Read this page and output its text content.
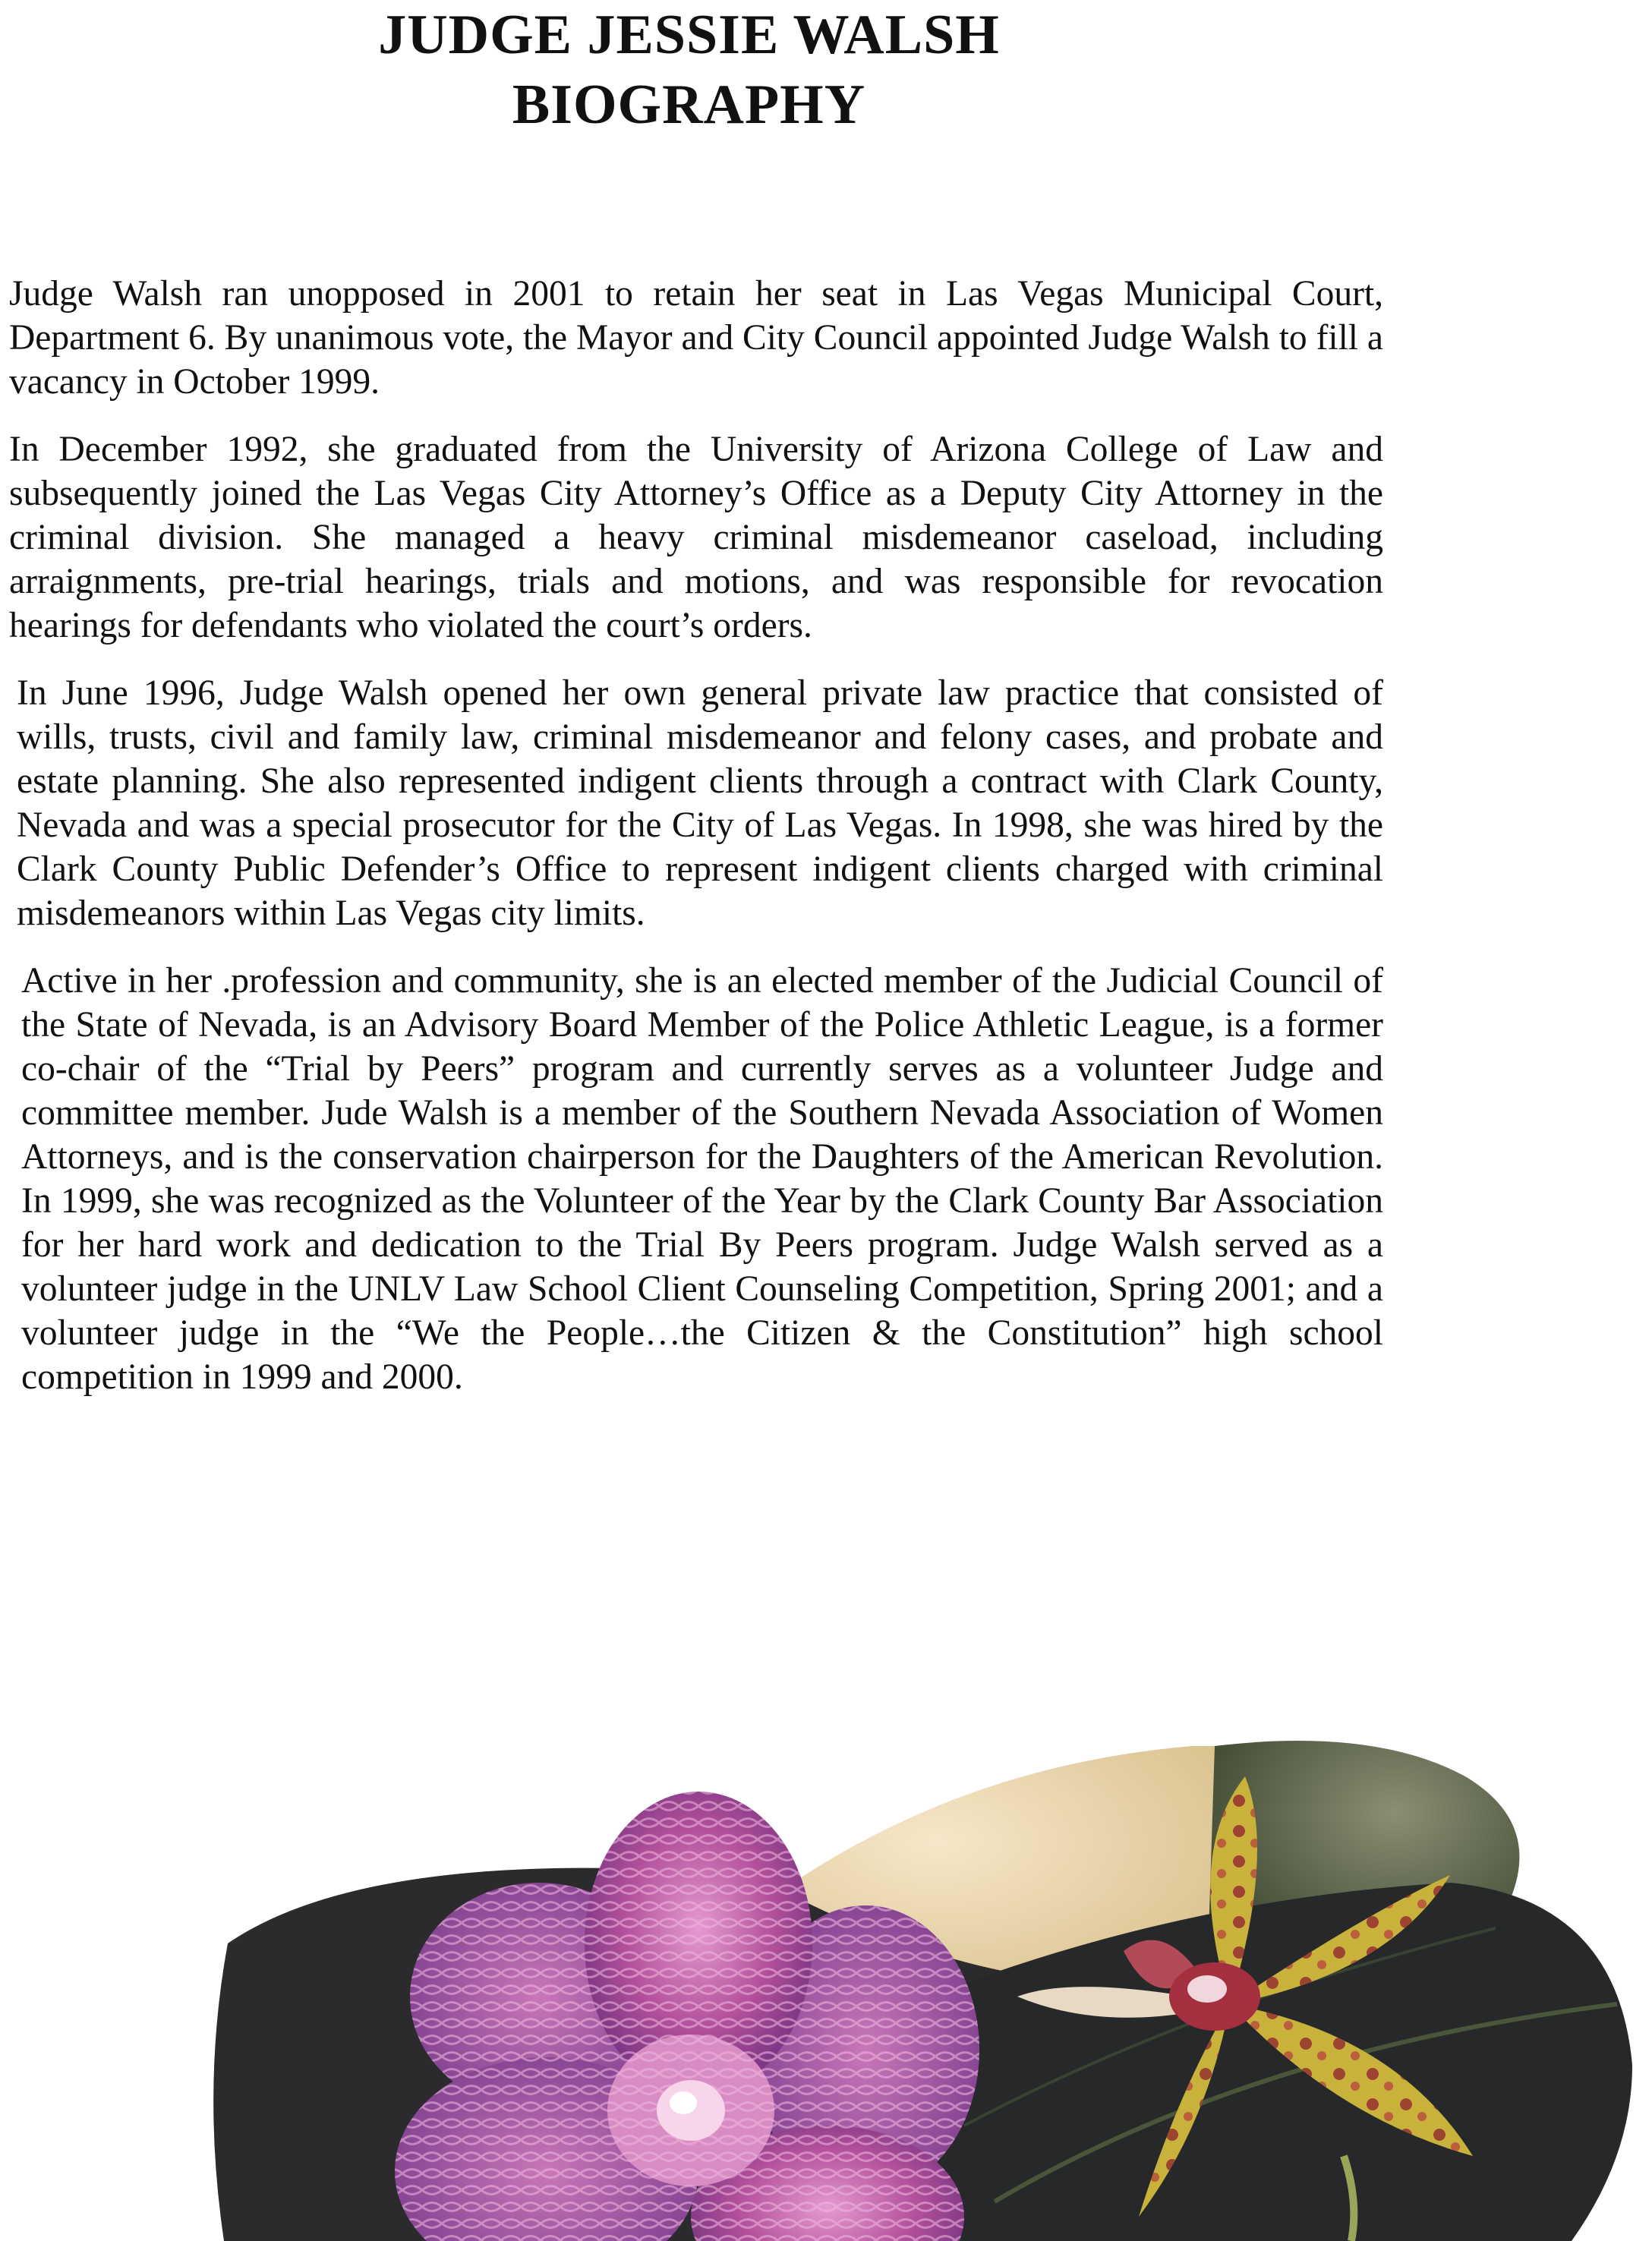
JUDGE JESSIE WALSH
BIOGRAPHY

Judge Walsh ran unopposed in 2001 to retain her seat in Las Vegas Municipal Court, Department 6. By unanimous vote, the Mayor and City Council appointed Judge Walsh to fill a vacancy in October 1999.

In December 1992, she graduated from the University of Arizona College of Law and subsequently joined the Las Vegas City Attorney’s Office as a Deputy City Attorney in the criminal division. She managed a heavy criminal misdemeanor caseload, including arraignments, pre-trial hearings, trials and motions, and was responsible for revocation hearings for defendants who violated the court’s orders.

In June 1996, Judge Walsh opened her own general private law practice that consisted of wills, trusts, civil and family law, criminal misdemeanor and felony cases, and probate and estate planning. She also represented indigent clients through a contract with Clark County, Nevada and was a special prosecutor for the City of Las Vegas. In 1998, she was hired by the Clark County Public Defender’s Office to represent indigent clients charged with criminal misdemeanors within Las Vegas city limits.

Active in her .profession and community, she is an elected member of the Judicial Council of the State of Nevada, is an Advisory Board Member of the Police Athletic League, is a former co-chair of the “Trial by Peers” program and currently serves as a volunteer Judge and committee member. Jude Walsh is a member of the Southern Nevada Association of Women Attorneys, and is the conservation chairperson for the Daughters of the American Revolution. In 1999, she was recognized as the Volunteer of the Year by the Clark County Bar Association for her hard work and dedication to the Trial By Peers program. Judge Walsh served as a volunteer judge in the UNLV Law School Client Counseling Competition, Spring 2001; and a volunteer judge in the “We the People…the Citizen & the Constitution” high school competition in 1999 and 2000.
